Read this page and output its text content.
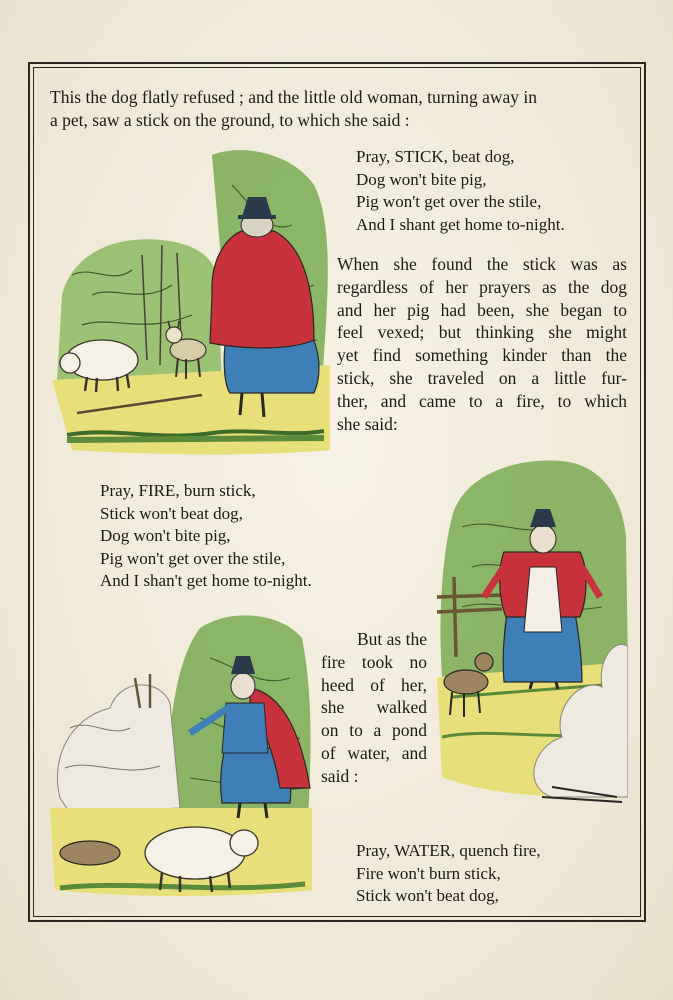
This the dog flatly refused ; and the little old woman, turning away in
a pet, saw a stick on the ground, to which she said :
Pray, STICK, beat dog,
Dog won't bite pig,
Pig won't get over the stile,
And I shant get home to-night.
When she found the stick was as
regardless of her prayers as the dog
and her pig had been, she began to
feel vexed; but thinking she might
yet find something kinder than the
stick, she traveled on a little fur-
ther, and came to a fire, to which
she said:
Pray, FIRE, burn stick,
Stick won't beat dog,
Dog won't bite pig,
Pig won't get over the stile,
And I shan't get home to-night.
But as the
fire took no
heed of her,
she walked
on to a pond
of water, and
said :
Pray, WATER, quench fire,
Fire won't burn stick,
Stick won't beat dog,
